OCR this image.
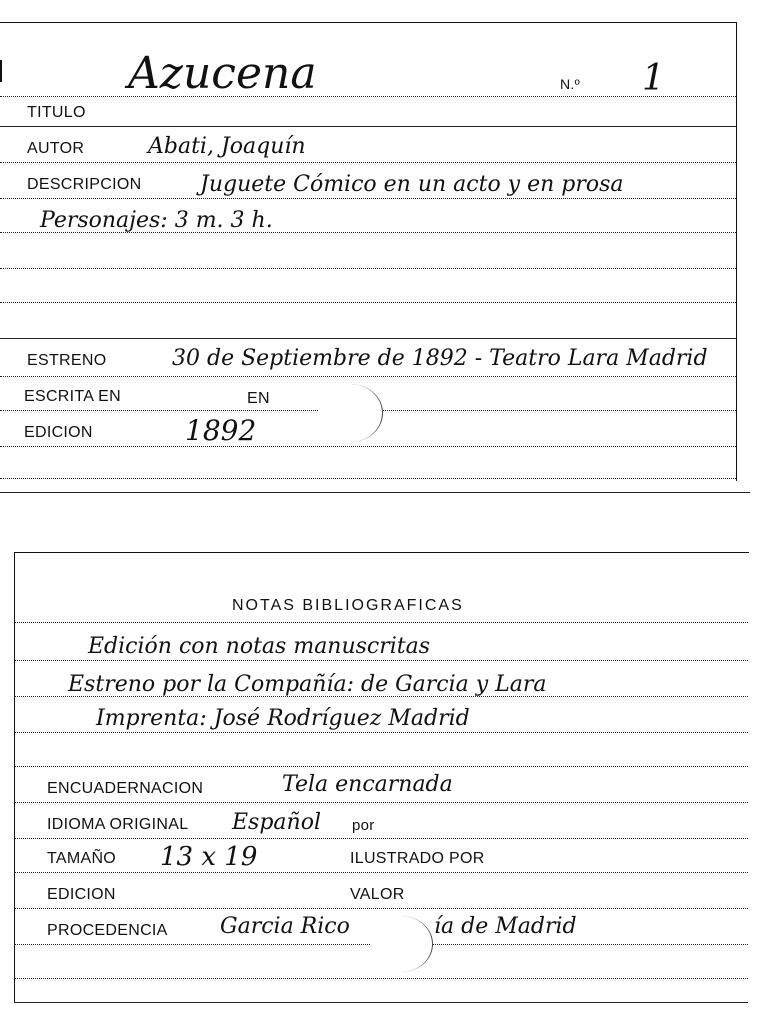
Azucena	N.º 1
TITULO
AUTOR	Abati, Joaquín
DESCRIPCION	Juguete Cómico en un acto y en prosa
Personajes: 3 m. 3 h.
ESTRENO	30 de Septiembre de 1892 - Teatro Lara Madrid
ESCRITA EN	EN
EDICION	1892
NOTAS BIBLIOGRAFICAS
Edición con notas manuscritas
Estreno por la Compañía: de Garcia y Lara
Imprenta: José Rodríguez Madrid
ENCUADERNACION	Tela encarnada
IDIOMA ORIGINAL Español por
TAMAÑO 13 x 19	ILUSTRADO POR
EDICION	VALOR
PROCEDENCIA Garcia Rico	ía de Madrid
